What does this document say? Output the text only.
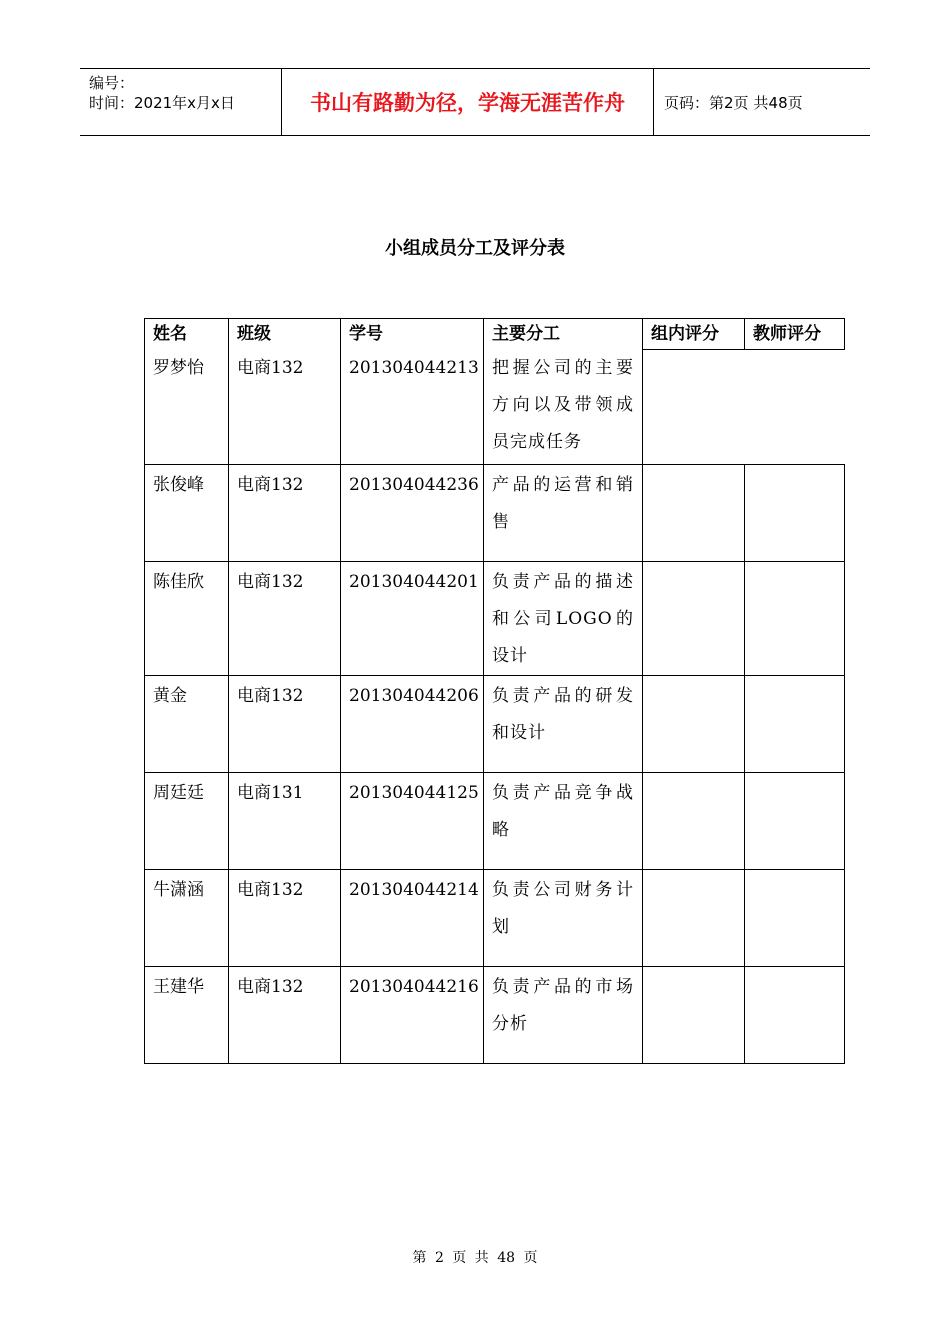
编号：
时间：2021年x月x日	书山有路勤为径，学海无涯苦作舟	页码：第2页 共48页
小组成员分工及评分表
姓名	班级	学号	主要分工	组内评分	教师评分
罗梦怡	电商132	201304044213	把握公司的主要方向以及带领成员完成任务		
张俊峰	电商132	201304044236	产品的运营和销售		
陈佳欣	电商132	201304044201	负责产品的描述和公司LOGO的设计		
黄金	电商132	201304044206	负责产品的研发和设计		
周廷廷	电商131	201304044125	负责产品竞争战略		
牛潇涵	电商132	201304044214	负责公司财务计划		
王建华	电商132	201304044216	负责产品的市场分析		
第 2 页 共 48 页
